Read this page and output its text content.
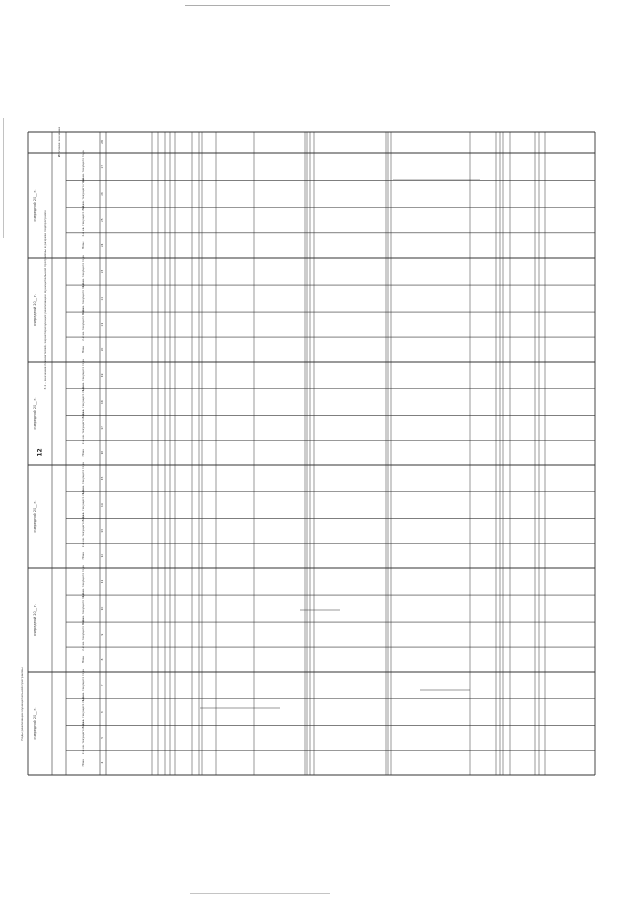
12
Годы реализации муниципальной программы
3.1 – значения показателей, характеризующих реализацию муниципальной программы в разрезе подпрограмм
Итоговое значение	28
очередной 20__ г.
План	4
2-й кв. текущего года	5
3-й кв. текущего года	6
4-й кв. текущего года	7
очередной 20__ г.
План	8
2-й кв. текущего года	9
3-й кв. текущего года	10
4-й кв. текущего года	11
очередной 20__ г.
План	12
2-й кв. текущего года	13
3-й кв. текущего года	14
4-й кв. текущего года	15
очередной 20__ г.
План	16
2-й кв. текущего года	17
3-й кв. текущего года	18
4-й кв. текущего года	19
очередной 20__ г.
План	20
2-й кв. текущего года	21
3-й кв. текущего года	22
4-й кв. текущего года	23
очередной 20__ г.
План	24
2-й кв. текущего года	25
3-й кв. текущего года	26
4-й кв. текущего года	27
